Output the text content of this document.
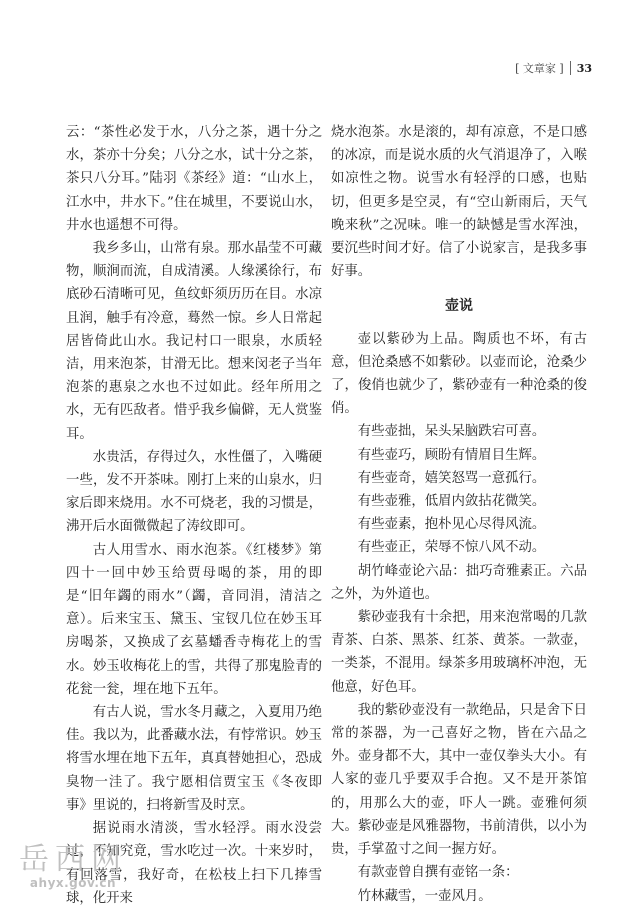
[ 文章家 ] 33

云：“茶性必发于水，八分之茶，遇十分之水，茶亦十分矣；八分之水，试十分之茶，茶只八分耳。”陆羽《茶经》道：“山水上，江水中，井水下。”住在城里，不要说山水，井水也遥想不可得。

我乡多山，山常有泉。那水晶莹不可藏物，顺涧而流，自成清溪。人缘溪徐行，布底砂石清晰可见，鱼纹虾须历历在目。水凉且润，触手有冷意，蓦然一惊。乡人日常起居皆倚此山水。我记村口一眼泉，水质轻洁，用来泡茶，甘滑无比。想来闵老子当年泡茶的惠泉之水也不过如此。经年所用之水，无有匹敌者。惜乎我乡偏僻，无人赏鉴耳。

水贵活，存得过久，水性僵了，入嘴硬一些，发不开茶味。刚打上来的山泉水，归家后即来烧用。水不可烧老，我的习惯是，沸开后水面微微起了涛纹即可。

古人用雪水、雨水泡茶。《红楼梦》第四十一回中妙玉给贾母喝的茶，用的即是“旧年蠲的雨水”（蠲，音同涓，清洁之意）。后来宝玉、黛玉、宝钗几位在妙玉耳房喝茶，又换成了玄墓蟠香寺梅花上的雪水。妙玉收梅花上的雪，共得了那鬼脸青的花瓮一瓮，埋在地下五年。

有古人说，雪水冬月藏之，入夏用乃绝佳。我以为，此番藏水法，有悖常识。妙玉将雪水埋在地下五年，真真替她担心，恐成臭物一洼了。我宁愿相信贾宝玉《冬夜即事》里说的，扫将新雪及时烹。

据说雨水清淡，雪水轻浮。雨水没尝过，不知究竟，雪水吃过一次。十来岁时，有回落雪，我好奇，在松枝上扫下几捧雪球，化开来

烧水泡茶。水是滚的，却有凉意，不是口感的冰凉，而是说水质的火气消退净了，入喉如凉性之物。说雪水有轻浮的口感，也贴切，但更多是空灵，有“空山新雨后，天气晚来秋”之况味。唯一的缺憾是雪水浑浊，要沉些时间才好。信了小说家言，是我多事好事。

壶说

壶以紫砂为上品。陶质也不坏，有古意，但沧桑感不如紫砂。以壶而论，沧桑少了，俊俏也就少了，紫砂壶有一种沧桑的俊俏。

有些壶拙，呆头呆脑跌宕可喜。

有些壶巧，顾盼有情眉目生辉。

有些壶奇，嬉笑怒骂一意孤行。

有些壶雅，低眉内敛拈花微笑。

有些壶素，抱朴见心尽得风流。

有些壶正，荣辱不惊八风不动。

胡竹峰壶论六品：拙巧奇雅素正。六品之外，为外道也。

紫砂壶我有十余把，用来泡常喝的几款青茶、白茶、黑茶、红茶、黄茶。一款壶，一类茶，不混用。绿茶多用玻璃杯冲泡，无他意，好色耳。

我的紫砂壶没有一款绝品，只是舍下日常的茶器，为一己喜好之物，皆在六品之外。壶身都不大，其中一壶仅拳头大小。有人家的壶几乎要双手合抱。又不是开茶馆的，用那么大的壶，吓人一跳。壶雅何须大。紫砂壶是风雅器物，书前清供，以小为贵，手掌盈寸之间一握方好。

有款壶曾自撰有壶铭一条：

竹林藏雪，一壶风月。

岳西网
ahyx.gov.cn
